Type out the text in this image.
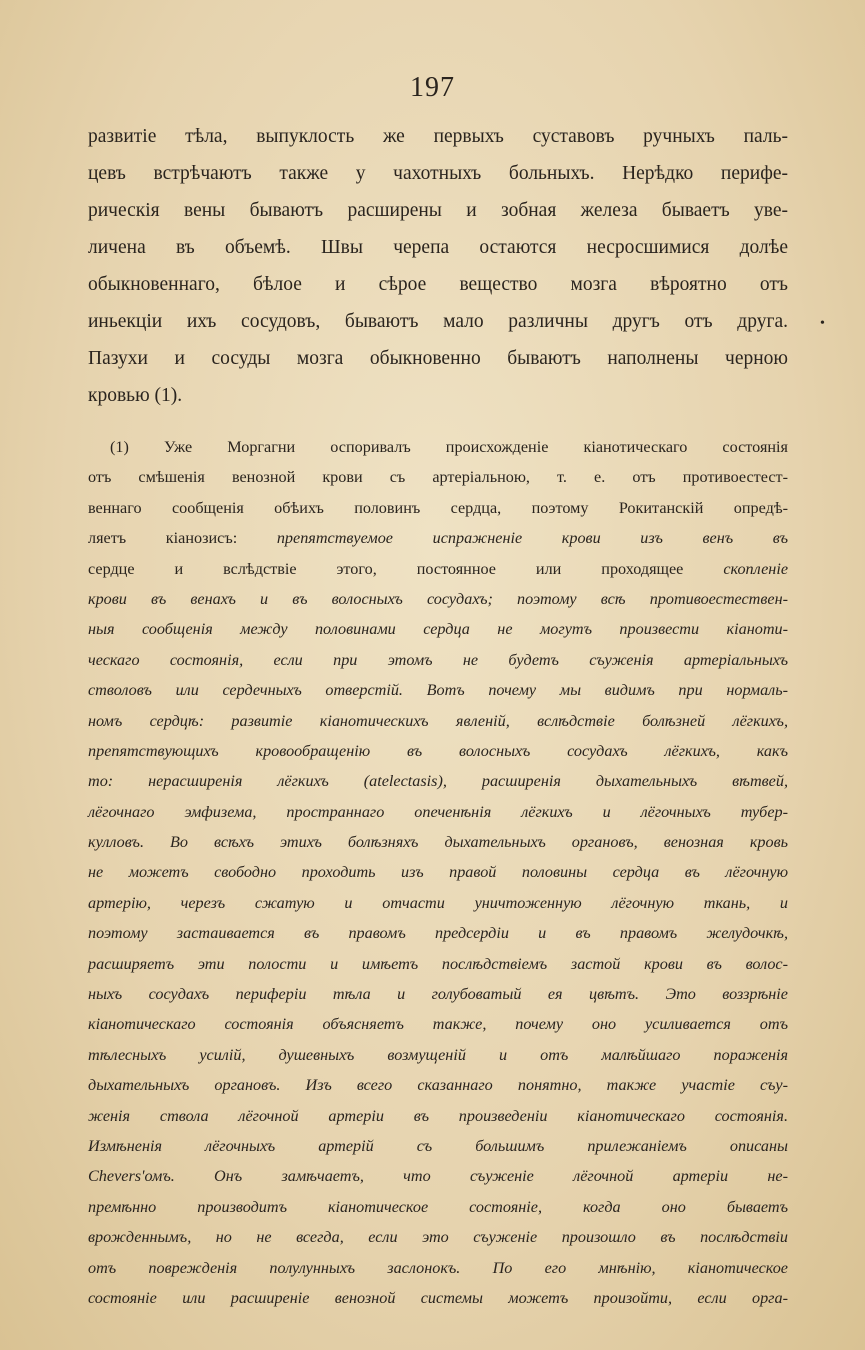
197
развитіе тѣла, выпуклость же первыхъ суставовъ ручныхъ паль-
цевъ встрѣчаютъ также у чахотныхъ больныхъ. Нерѣдко перифе-
рическія вены бываютъ расширены и зобная железа бываетъ уве-
личена въ объемѣ. Швы черепа остаются несросшимися долѣе
обыкновеннаго, бѣлое и сѣрое вещество мозга вѣроятно отъ
иньекціи ихъ сосудовъ, бываютъ мало различны другъ отъ друга.
Пазухи и сосуды мозга обыкновенно бываютъ наполнены черною
кровью (1).
(1) Уже Моргагни оспоривалъ происхожденіе кіанотическаго состоянія
отъ смѣшенія венозной крови съ артеріальною, т. е. отъ противоестест-
веннаго сообщенія обѣихъ половинъ сердца, поэтому Рокитанскій опредѣ-
ляетъ кіанозисъ: препятствуемое испражненіе крови изъ венъ въ
сердце и вслѣдствіе этого, постоянное или проходящее скопленіе
крови въ венахъ и въ волосныхъ сосудахъ; поэтому всѣ противоестествен-
ныя сообщенія между половинами сердца не могутъ произвести кіаноти-
ческаго состоянія, если при этомъ не будетъ съуженія артеріальныхъ
стволовъ или сердечныхъ отверстій. Вотъ почему мы видимъ при нормаль-
номъ сердцѣ: развитіе кіанотическихъ явленій, вслѣдствіе болѣзней лёгкихъ,
препятствующихъ кровообращенію въ волосныхъ сосудахъ лёгкихъ, какъ
то: нерасширенія лёгкихъ (atelectasis), расширенія дыхательныхъ вѣтвей,
лёгочнаго эмфизема, пространнаго опеченѣнія лёгкихъ и лёгочныхъ тубер-
кулловъ. Во всѣхъ этихъ болѣзняхъ дыхательныхъ органовъ, венозная кровь
не можетъ свободно проходить изъ правой половины сердца въ лёгочную
артерію, черезъ сжатую и отчасти уничтоженную лёгочную ткань, и
поэтому застаивается въ правомъ предсердіи и въ правомъ желудочкѣ,
расширяетъ эти полости и имѣетъ послѣдствіемъ застой крови въ волос-
ныхъ сосудахъ периферіи тѣла и голубоватый ея цвѣтъ. Это воззрѣніе
кіанотическаго состоянія объясняетъ также, почему оно усиливается отъ
тѣлесныхъ усилій, душевныхъ возмущеній и отъ малѣйшаго пораженія
дыхательныхъ органовъ. Изъ всего сказаннаго понятно, также участіе съу-
женія ствола лёгочной артеріи въ произведеніи кіанотическаго состоянія.
Измѣненія лёгочныхъ артерій съ большимъ прилежаніемъ описаны
Chevers'омъ. Онъ замѣчаетъ, что съуженіе лёгочной артеріи не-
премѣнно производитъ кіанотическое состояніе, когда оно бываетъ
врожденнымъ, но не всегда, если это съуженіе произошло въ послѣдствіи
отъ поврежденія полулунныхъ заслонокъ. По его мнѣнію, кіанотическое
состояніе или расширеніе венозной системы можетъ произойти, если орга-
•
